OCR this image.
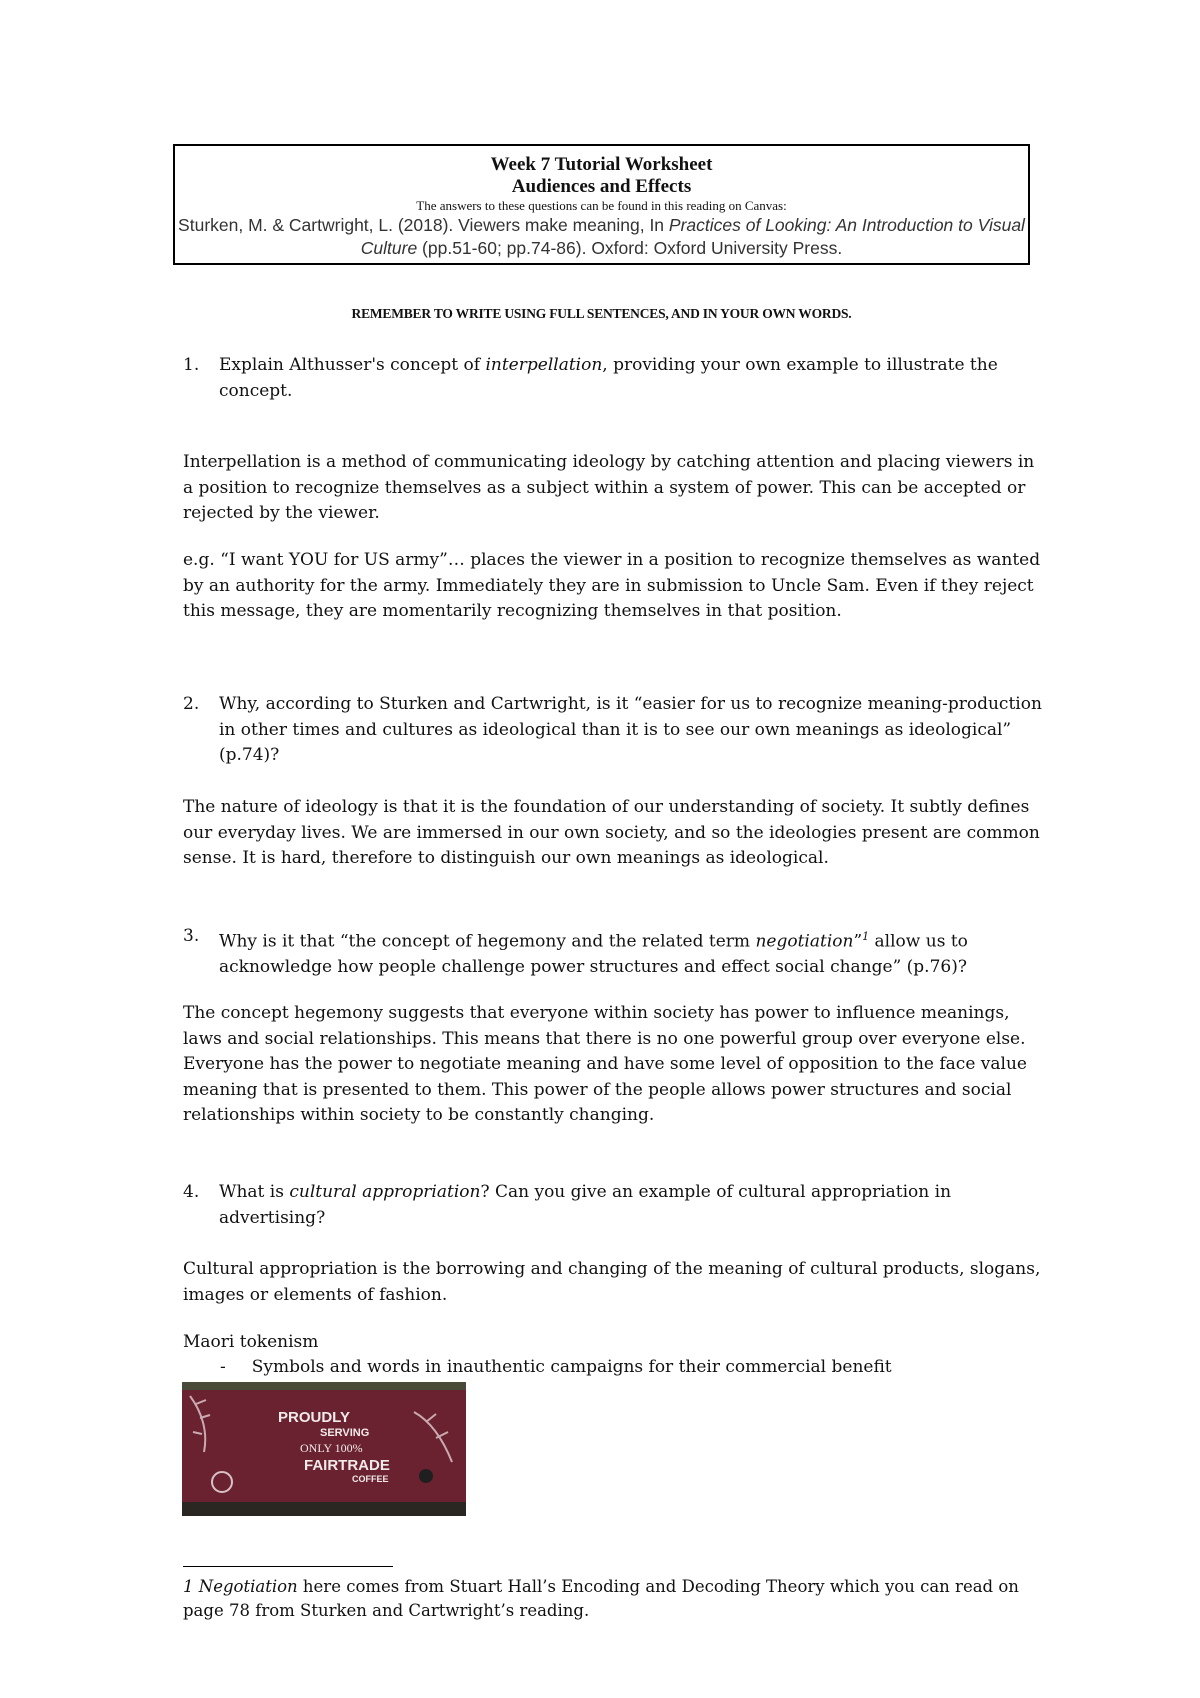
Week 7 Tutorial Worksheet
Audiences and Effects
The answers to these questions can be found in this reading on Canvas:
Sturken, M. & Cartwright, L. (2018). Viewers make meaning, In Practices of Looking: An Introduction to Visual Culture (pp.51-60; pp.74-86). Oxford: Oxford University Press.
REMEMBER TO WRITE USING FULL SENTENCES, AND IN YOUR OWN WORDS.
1. Explain Althusser's concept of interpellation, providing your own example to illustrate the concept.

Interpellation is a method of communicating ideology by catching attention and placing viewers in a position to recognize themselves as a subject within a system of power. This can be accepted or rejected by the viewer.

e.g. “I want YOU for US army”… places the viewer in a position to recognize themselves as wanted by an authority for the army. Immediately they are in submission to Uncle Sam. Even if they reject this message, they are momentarily recognizing themselves in that position.

2. Why, according to Sturken and Cartwright, is it “easier for us to recognize meaning-production in other times and cultures as ideological than it is to see our own meanings as ideological” (p.74)?

The nature of ideology is that it is the foundation of our understanding of society. It subtly defines our everyday lives. We are immersed in our own society, and so the ideologies present are common sense. It is hard, therefore to distinguish our own meanings as ideological.

3. Why is it that “the concept of hegemony and the related term negotiation”$^1$ allow us to acknowledge how people challenge power structures and effect social change” (p.76)?

The concept hegemony suggests that everyone within society has power to influence meanings, laws and social relationships. This means that there is no one powerful group over everyone else. Everyone has the power to negotiate meaning and have some level of opposition to the face value meaning that is presented to them. This power of the people allows power structures and social relationships within society to be constantly changing.

4. What is cultural appropriation? Can you give an example of cultural appropriation in advertising?

Cultural appropriation is the borrowing and changing of the meaning of cultural products, slogans, images or elements of fashion.

Maori tokenism

- Symbols and words in inauthentic campaigns for their commercial benefit
PROUDLY
SERVING
ONLY 100%
FAIRTRADE
COFFEE
1 Negotiation here comes from Stuart Hall’s Encoding and Decoding Theory which you can read on page 78 from Sturken and Cartwright’s reading.
